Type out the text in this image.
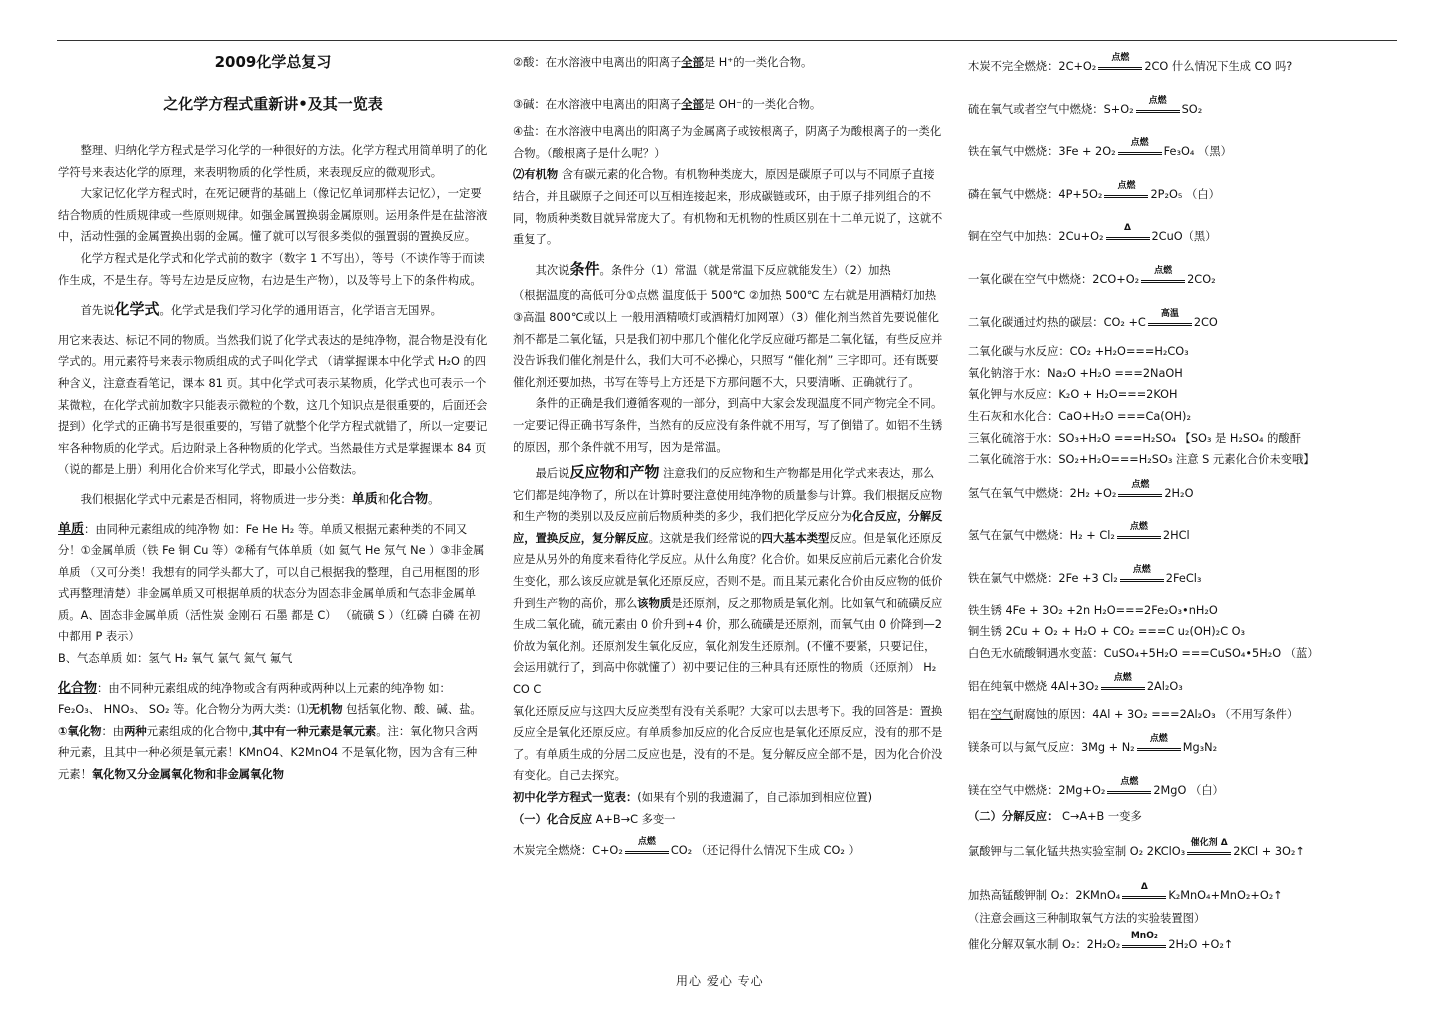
2009化学总复习

之化学方程式重新讲•及其一览表

整理、归纳化学方程式是学习化学的一种很好的方法。化学方程式用简单明了的化学符号来表达化学的原理，来表明物质的化学性质，来表现反应的微观形式。

大家记忆化学方程式时，在死记硬背的基础上（像记忆单词那样去记忆），一定要结合物质的性质规律或一些原则规律。如强金属置换弱金属原则。运用条件是在盐溶液中，活动性强的金属置换出弱的金属。懂了就可以写很多类似的强置弱的置换反应。

化学方程式是化学式和化学式前的数字（数字 1 不写出），等号（不读作等于而读作生成，不是生存。等号左边是反应物，右边是生产物），以及等号上下的条件构成。

首先说化学式。化学式是我们学习化学的通用语言，化学语言无国界。

用它来表达、标记不同的物质。当然我们说了化学式表达的是纯净物，混合物是没有化学式的。用元素符号来表示物质组成的式子叫化学式 （请掌握课本中化学式 H₂O 的四种含义，注意查看笔记，课本 81 页。其中化学式可表示某物质，化学式也可表示一个某微粒，在化学式前加数字只能表示微粒的个数，这几个知识点是很重要的，后面还会提到）化学式的正确书写是很重要的，写错了就整个化学方程式就错了，所以一定要记牢各种物质的化学式。后边附录上各种物质的化学式。当然最佳方式是掌握课本 84 页（说的都是上册）利用化合价来写化学式，即最小公倍数法。

我们根据化学式中元素是否相同，将物质进一步分类：单质和化合物。

单质：由同种元素组成的纯净物 如：Fe He H₂ 等。单质又根据元素种类的不同又分！①金属单质（铁 Fe 铜 Cu 等）②稀有气体单质（如 氦气 He 氖气 Ne ）③非金属单质 （又可分类！我想有的同学头都大了，可以自己根据我的整理，自己用框图的形式再整理清楚）非金属单质又可根据单质的状态分为固态非金属单质和气态非金属单质。A、固态非金属单质（活性炭 金刚石 石墨 都是 C） （硫磺 S ）（红磷 白磷 在初中都用 P 表示）

B、气态单质 如：氢气 H₂ 氧气 氯气 氮气 氟气

化合物：由不同种元素组成的纯净物或含有两种或两种以上元素的纯净物 如：Fe₂O₃、 HNO₃、 SO₂ 等。化合物分为两大类：⑴无机物 包括氧化物、酸、碱、盐。

①氧化物：由两种元素组成的化合物中,其中有一种元素是氧元素。注：氧化物只含两种元素，且其中一种必须是氧元素！KMnO4、K2MnO4 不是氧化物，因为含有三种元素！氧化物又分金属氧化物和非金属氧化物

②酸：在水溶液中电离出的阳离子全部是 H⁺的一类化合物。

③碱：在水溶液中电离出的阳离子全部是 OH⁻的一类化合物。

④盐：在水溶液中电离出的阳离子为金属离子或铵根离子，阴离子为酸根离子的一类化合物。（酸根离子是什么呢？）

⑵有机物 含有碳元素的化合物。有机物种类庞大，原因是碳原子可以与不同原子直接结合，并且碳原子之间还可以互相连接起来，形成碳链或环，由于原子排列组合的不同，物质种类数目就异常庞大了。有机物和无机物的性质区别在十二单元说了，这就不重复了。

其次说条件。条件分（1）常温（就是常温下反应就能发生）（2）加热

（根据温度的高低可分①点燃 温度低于 500℃ ②加热 500℃ 左右就是用酒精灯加热③高温 800℃或以上 一般用酒精喷灯或酒精灯加网罩）（3）催化剂当然首先要说催化剂不都是二氧化锰，只是我们初中那几个催化化学反应碰巧都是二氧化锰，有些反应并没告诉我们催化剂是什么，我们大可不必操心，只照写 “催化剂” 三字即可。还有既要催化剂还要加热，书写在等号上方还是下方那问题不大，只要清晰、正确就行了。

条件的正确是我们遵循客观的一部分，到高中大家会发现温度不同产物完全不同。一定要记得正确书写条件，当然有的反应没有条件就不用写，写了倒错了。如铝不生锈的原因，那个条件就不用写，因为是常温。

最后说反应物和产物 注意我们的反应物和生产物都是用化学式来表达，那么它们都是纯净物了，所以在计算时要注意使用纯净物的质量参与计算。我们根据反应物和生产物的类别以及反应前后物质种类的多少，我们把化学反应分为化合反应，分解反应，置换反应，复分解反应。这就是我们经常说的四大基本类型反应。但是氧化还原反应是从另外的角度来看待化学反应。从什么角度？化合价。如果反应前后元素化合价发生变化，那么该反应就是氧化还原反应，否则不是。而且某元素化合价由反应物的低价升到生产物的高价，那么该物质是还原剂，反之那物质是氧化剂。比如氧气和硫磺反应生成二氧化硫，硫元素由 0 价升到+4 价，那么硫磺是还原剂，而氧气由 0 价降到—2 价故为氧化剂。还原剂发生氧化反应，氧化剂发生还原剂。(不懂不要紧，只要记住，会运用就行了，到高中你就懂了）初中要记住的三种具有还原性的物质（还原剂） H₂ CO C

氧化还原反应与这四大反应类型有没有关系呢？大家可以去思考下。我的回答是：置换反应全是氧化还原反应。有单质参加反应的化合反应也是氧化还原反应，没有的那不是了。有单质生成的分居二反应也是，没有的不是。复分解反应全部不是，因为化合价没有变化。自己去探究。

初中化学方程式一览表：(如果有个别的我遗漏了，自己添加到相应位置)

（一）化合反应 A+B→C 多变一

木炭完全燃烧：C+O₂
点燃
CO₂ （还记得什么情况下生成 CO₂ ）

木炭不完全燃烧：2C+O₂
点燃
2CO 什么情况下生成 CO 吗?

硫在氧气或者空气中燃烧：S+O₂
点燃
SO₂

铁在氧气中燃烧：3Fe + 2O₂
点燃
Fe₃O₄ （黑）

磷在氧气中燃烧：4P+5O₂
点燃
2P₂O₅ （白）

铜在空气中加热：2Cu+O₂
Δ
2CuO（黑）

一氧化碳在空气中燃烧：2CO+O₂
点燃
2CO₂

二氧化碳通过灼热的碳层：CO₂ +C
高温
2CO

二氧化碳与水反应：CO₂ +H₂O===H₂CO₃

氧化钠溶于水：Na₂O +H₂O ===2NaOH

氧化钾与水反应：K₂O + H₂O===2KOH

生石灰和水化合：CaO+H₂O ===Ca(OH)₂

三氧化硫溶于水：SO₃+H₂O ===H₂SO₄ 【SO₃ 是 H₂SO₄ 的酸酐

二氧化硫溶于水：SO₂+H₂O===H₂SO₃ 注意 S 元素化合价未变哦】

氢气在氧气中燃烧：2H₂ +O₂
点燃
2H₂O

氢气在氯气中燃烧：H₂ + Cl₂
点燃
2HCl

铁在氯气中燃烧：2Fe +3 Cl₂
点燃
2FeCl₃

铁生锈 4Fe + 3O₂ +2n H₂O===2Fe₂O₃•nH₂O

铜生锈 2Cu + O₂ + H₂O + CO₂ ===C u₂(OH)₂C O₃

白色无水硫酸铜遇水变蓝：CuSO₄+5H₂O ===CuSO₄•5H₂O （蓝）

铝在纯氧中燃烧 4Al+3O₂
点燃
2Al₂O₃

铝在空气耐腐蚀的原因：4Al + 3O₂ ===2Al₂O₃ （不用写条件）

镁条可以与氮气反应：3Mg + N₂
点燃
Mg₃N₂

镁在空气中燃烧：2Mg+O₂
点燃
2MgO （白）

（二）分解反应： C→A+B 一变多

氯酸钾与二氧化锰共热实验室制 O₂ 2KClO₃
催化剂 Δ
2KCl + 3O₂↑

加热高锰酸钾制 O₂：2KMnO₄
Δ
K₂MnO₄+MnO₂+O₂↑

（注意会画这三种制取氧气方法的实验装置图）

催化分解双氧水制 O₂：2H₂O₂
MnO₂
2H₂O +O₂↑

用心 爱心 专心
